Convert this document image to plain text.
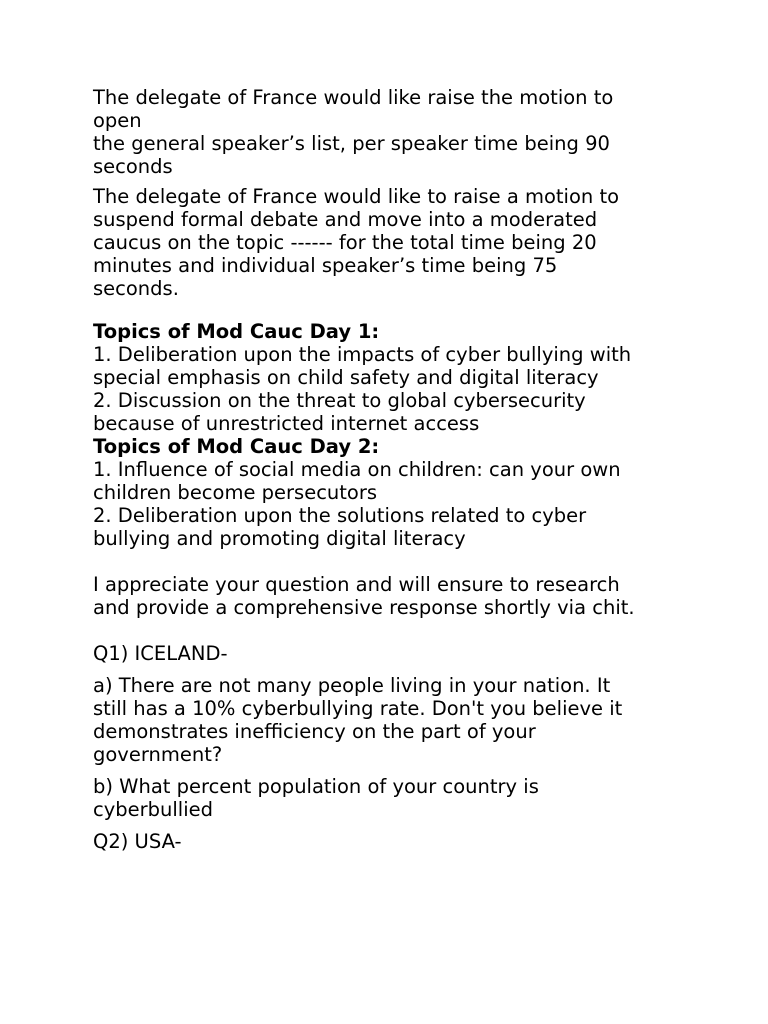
The delegate of France would like raise the motion to
open
the general speaker’s list, per speaker time being 90
seconds
The delegate of France would like to raise a motion to
suspend formal debate and move into a moderated
caucus on the topic ------ for the total time being 20
minutes and individual speaker’s time being 75
seconds.
Topics of Mod Cauc Day 1:
1. Deliberation upon the impacts of cyber bullying with
special emphasis on child safety and digital literacy
2. Discussion on the threat to global cybersecurity
because of unrestricted internet access
Topics of Mod Cauc Day 2:
1. Influence of social media on children: can your own
children become persecutors
2. Deliberation upon the solutions related to cyber
bullying and promoting digital literacy
I appreciate your question and will ensure to research
and provide a comprehensive response shortly via chit.
Q1) ICELAND-
a) There are not many people living in your nation. It
still has a 10% cyberbullying rate. Don't you believe it
demonstrates inefficiency on the part of your
government?
b) What percent population of your country is
cyberbullied
Q2) USA-
